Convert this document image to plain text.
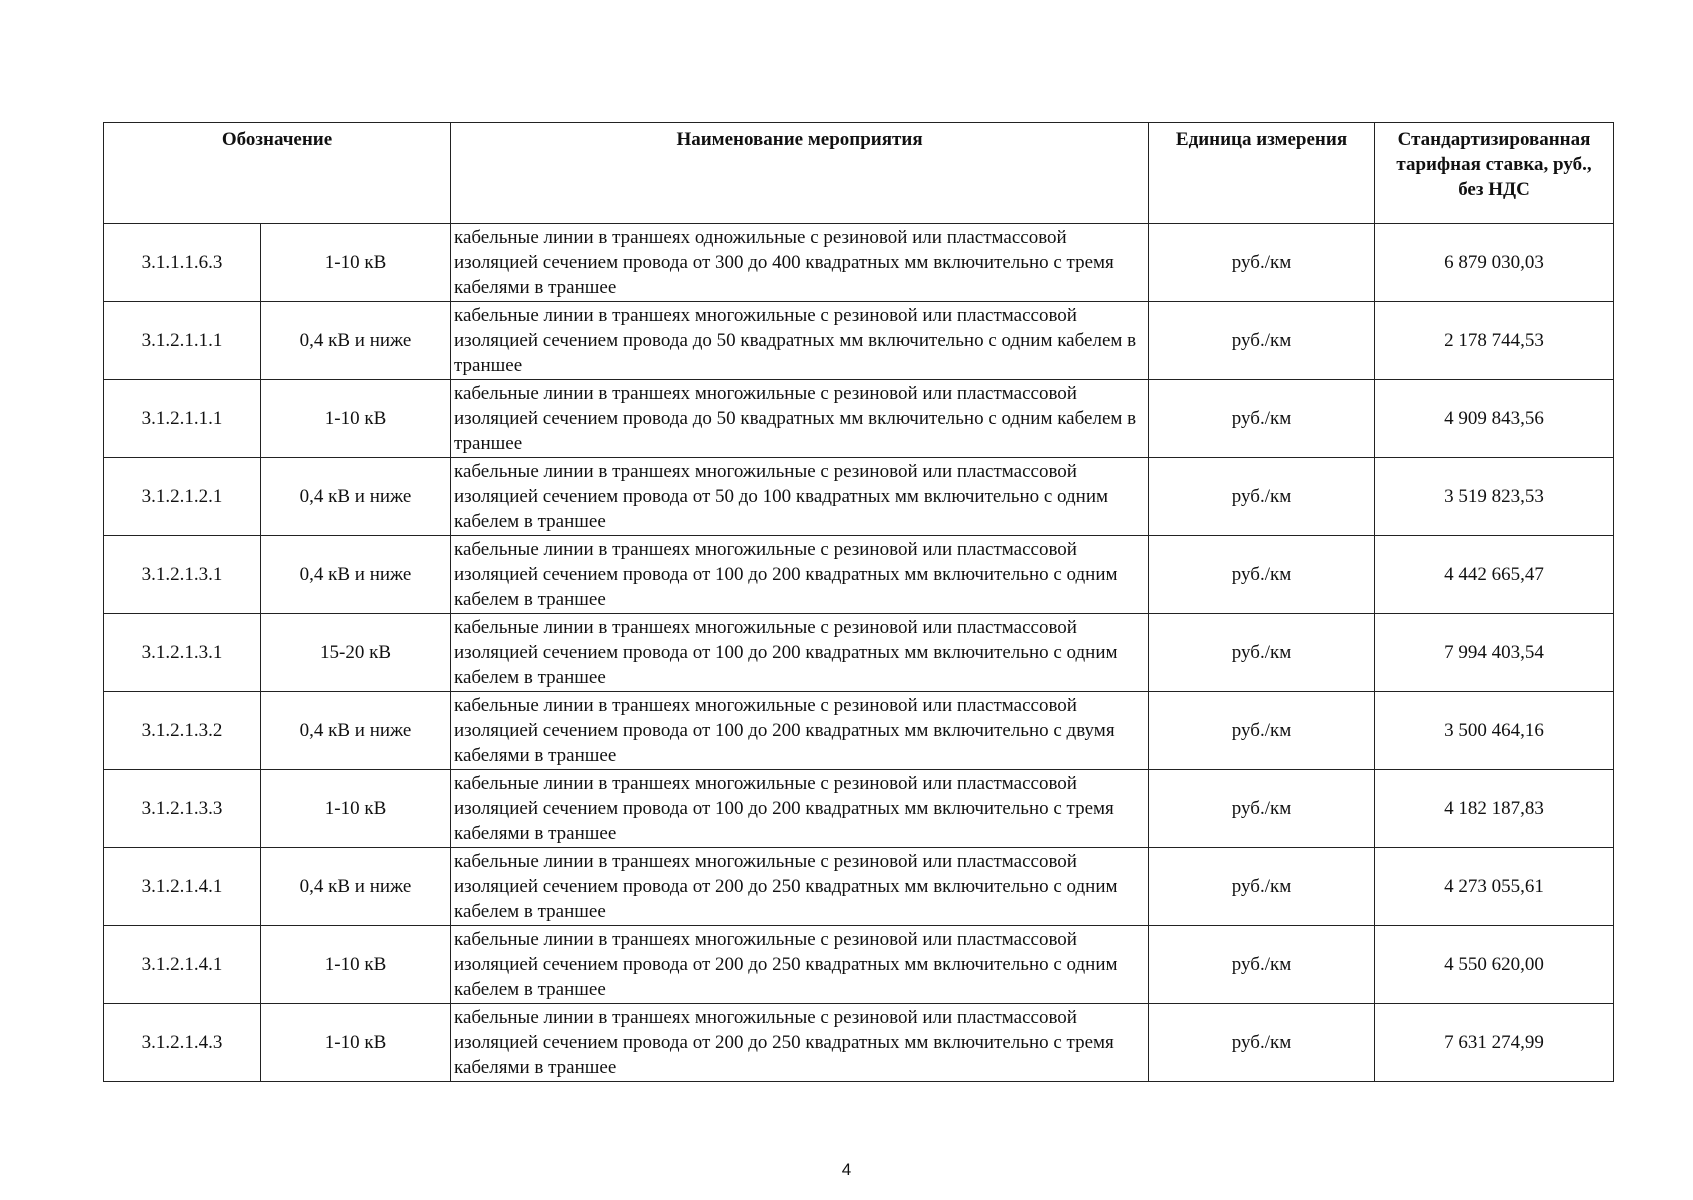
Обозначение		Наименование мероприятия	Единица измерения	Стандартизированная тарифная ставка, руб., без НДС
3.1.1.1.6.3	1-10 кВ	кабельные линии в траншеях одножильные с резиновой или пластмассовой изоляцией сечением провода от 300 до 400 квадратных мм включительно с тремя кабелями в траншее	руб./км	6 879 030,03
3.1.2.1.1.1	0,4 кВ и ниже	кабельные линии в траншеях многожильные с резиновой или пластмассовой изоляцией сечением провода до 50 квадратных мм включительно с одним кабелем в траншее	руб./км	2 178 744,53
3.1.2.1.1.1	1-10 кВ	кабельные линии в траншеях многожильные с резиновой или пластмассовой изоляцией сечением провода до 50 квадратных мм включительно с одним кабелем в траншее	руб./км	4 909 843,56
3.1.2.1.2.1	0,4 кВ и ниже	кабельные линии в траншеях многожильные с резиновой или пластмассовой изоляцией сечением провода от 50 до 100 квадратных мм включительно с одним кабелем в траншее	руб./км	3 519 823,53
3.1.2.1.3.1	0,4 кВ и ниже	кабельные линии в траншеях многожильные с резиновой или пластмассовой изоляцией сечением провода от 100 до 200 квадратных мм включительно с одним кабелем в траншее	руб./км	4 442 665,47
3.1.2.1.3.1	15-20 кВ	кабельные линии в траншеях многожильные с резиновой или пластмассовой изоляцией сечением провода от 100 до 200 квадратных мм включительно с одним кабелем в траншее	руб./км	7 994 403,54
3.1.2.1.3.2	0,4 кВ и ниже	кабельные линии в траншеях многожильные с резиновой или пластмассовой изоляцией сечением провода от 100 до 200 квадратных мм включительно с двумя кабелями в траншее	руб./км	3 500 464,16
3.1.2.1.3.3	1-10 кВ	кабельные линии в траншеях многожильные с резиновой или пластмассовой изоляцией сечением провода от 100 до 200 квадратных мм включительно с тремя кабелями в траншее	руб./км	4 182 187,83
3.1.2.1.4.1	0,4 кВ и ниже	кабельные линии в траншеях многожильные с резиновой или пластмассовой изоляцией сечением провода от 200 до 250 квадратных мм включительно с одним кабелем в траншее	руб./км	4 273 055,61
3.1.2.1.4.1	1-10 кВ	кабельные линии в траншеях многожильные с резиновой или пластмассовой изоляцией сечением провода от 200 до 250 квадратных мм включительно с одним кабелем в траншее	руб./км	4 550 620,00
3.1.2.1.4.3	1-10 кВ	кабельные линии в траншеях многожильные с резиновой или пластмассовой изоляцией сечением провода от 200 до 250 квадратных мм включительно с тремя кабелями в траншее	руб./км	7 631 274,99
4
